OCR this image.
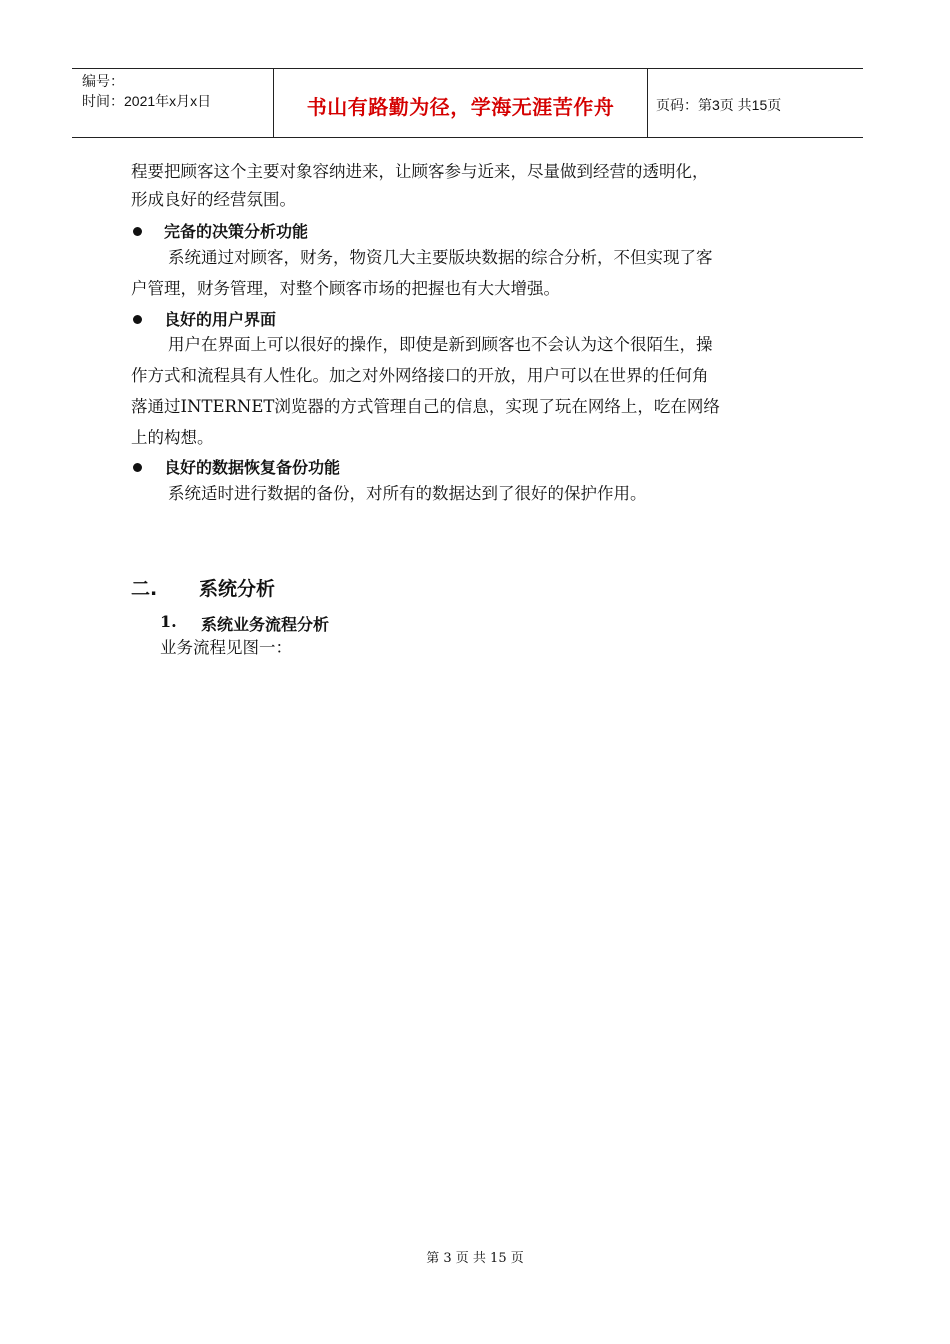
编号：
时间：2021年x月x日	书山有路勤为径，学海无涯苦作舟	页码：第3页 共15页
程要把顾客这个主要对象容纳进来，让顾客参与近来，尽量做到经营的透明化，
形成良好的经营氛围。
完备的决策分析功能
系统通过对顾客，财务，物资几大主要版块数据的综合分析，不但实现了客
户管理，财务管理，对整个顾客市场的把握也有大大增强。
良好的用户界面
用户在界面上可以很好的操作，即使是新到顾客也不会认为这个很陌生，操
作方式和流程具有人性化。加之对外网络接口的开放，用户可以在世界的任何角
落通过INTERNET浏览器的方式管理自己的信息，实现了玩在网络上，吃在网络
上的构想。
良好的数据恢复备份功能
系统适时进行数据的备份，对所有的数据达到了很好的保护作用。
二. 系统分析
1. 系统业务流程分析
业务流程见图一：
第 3 页 共 15 页
